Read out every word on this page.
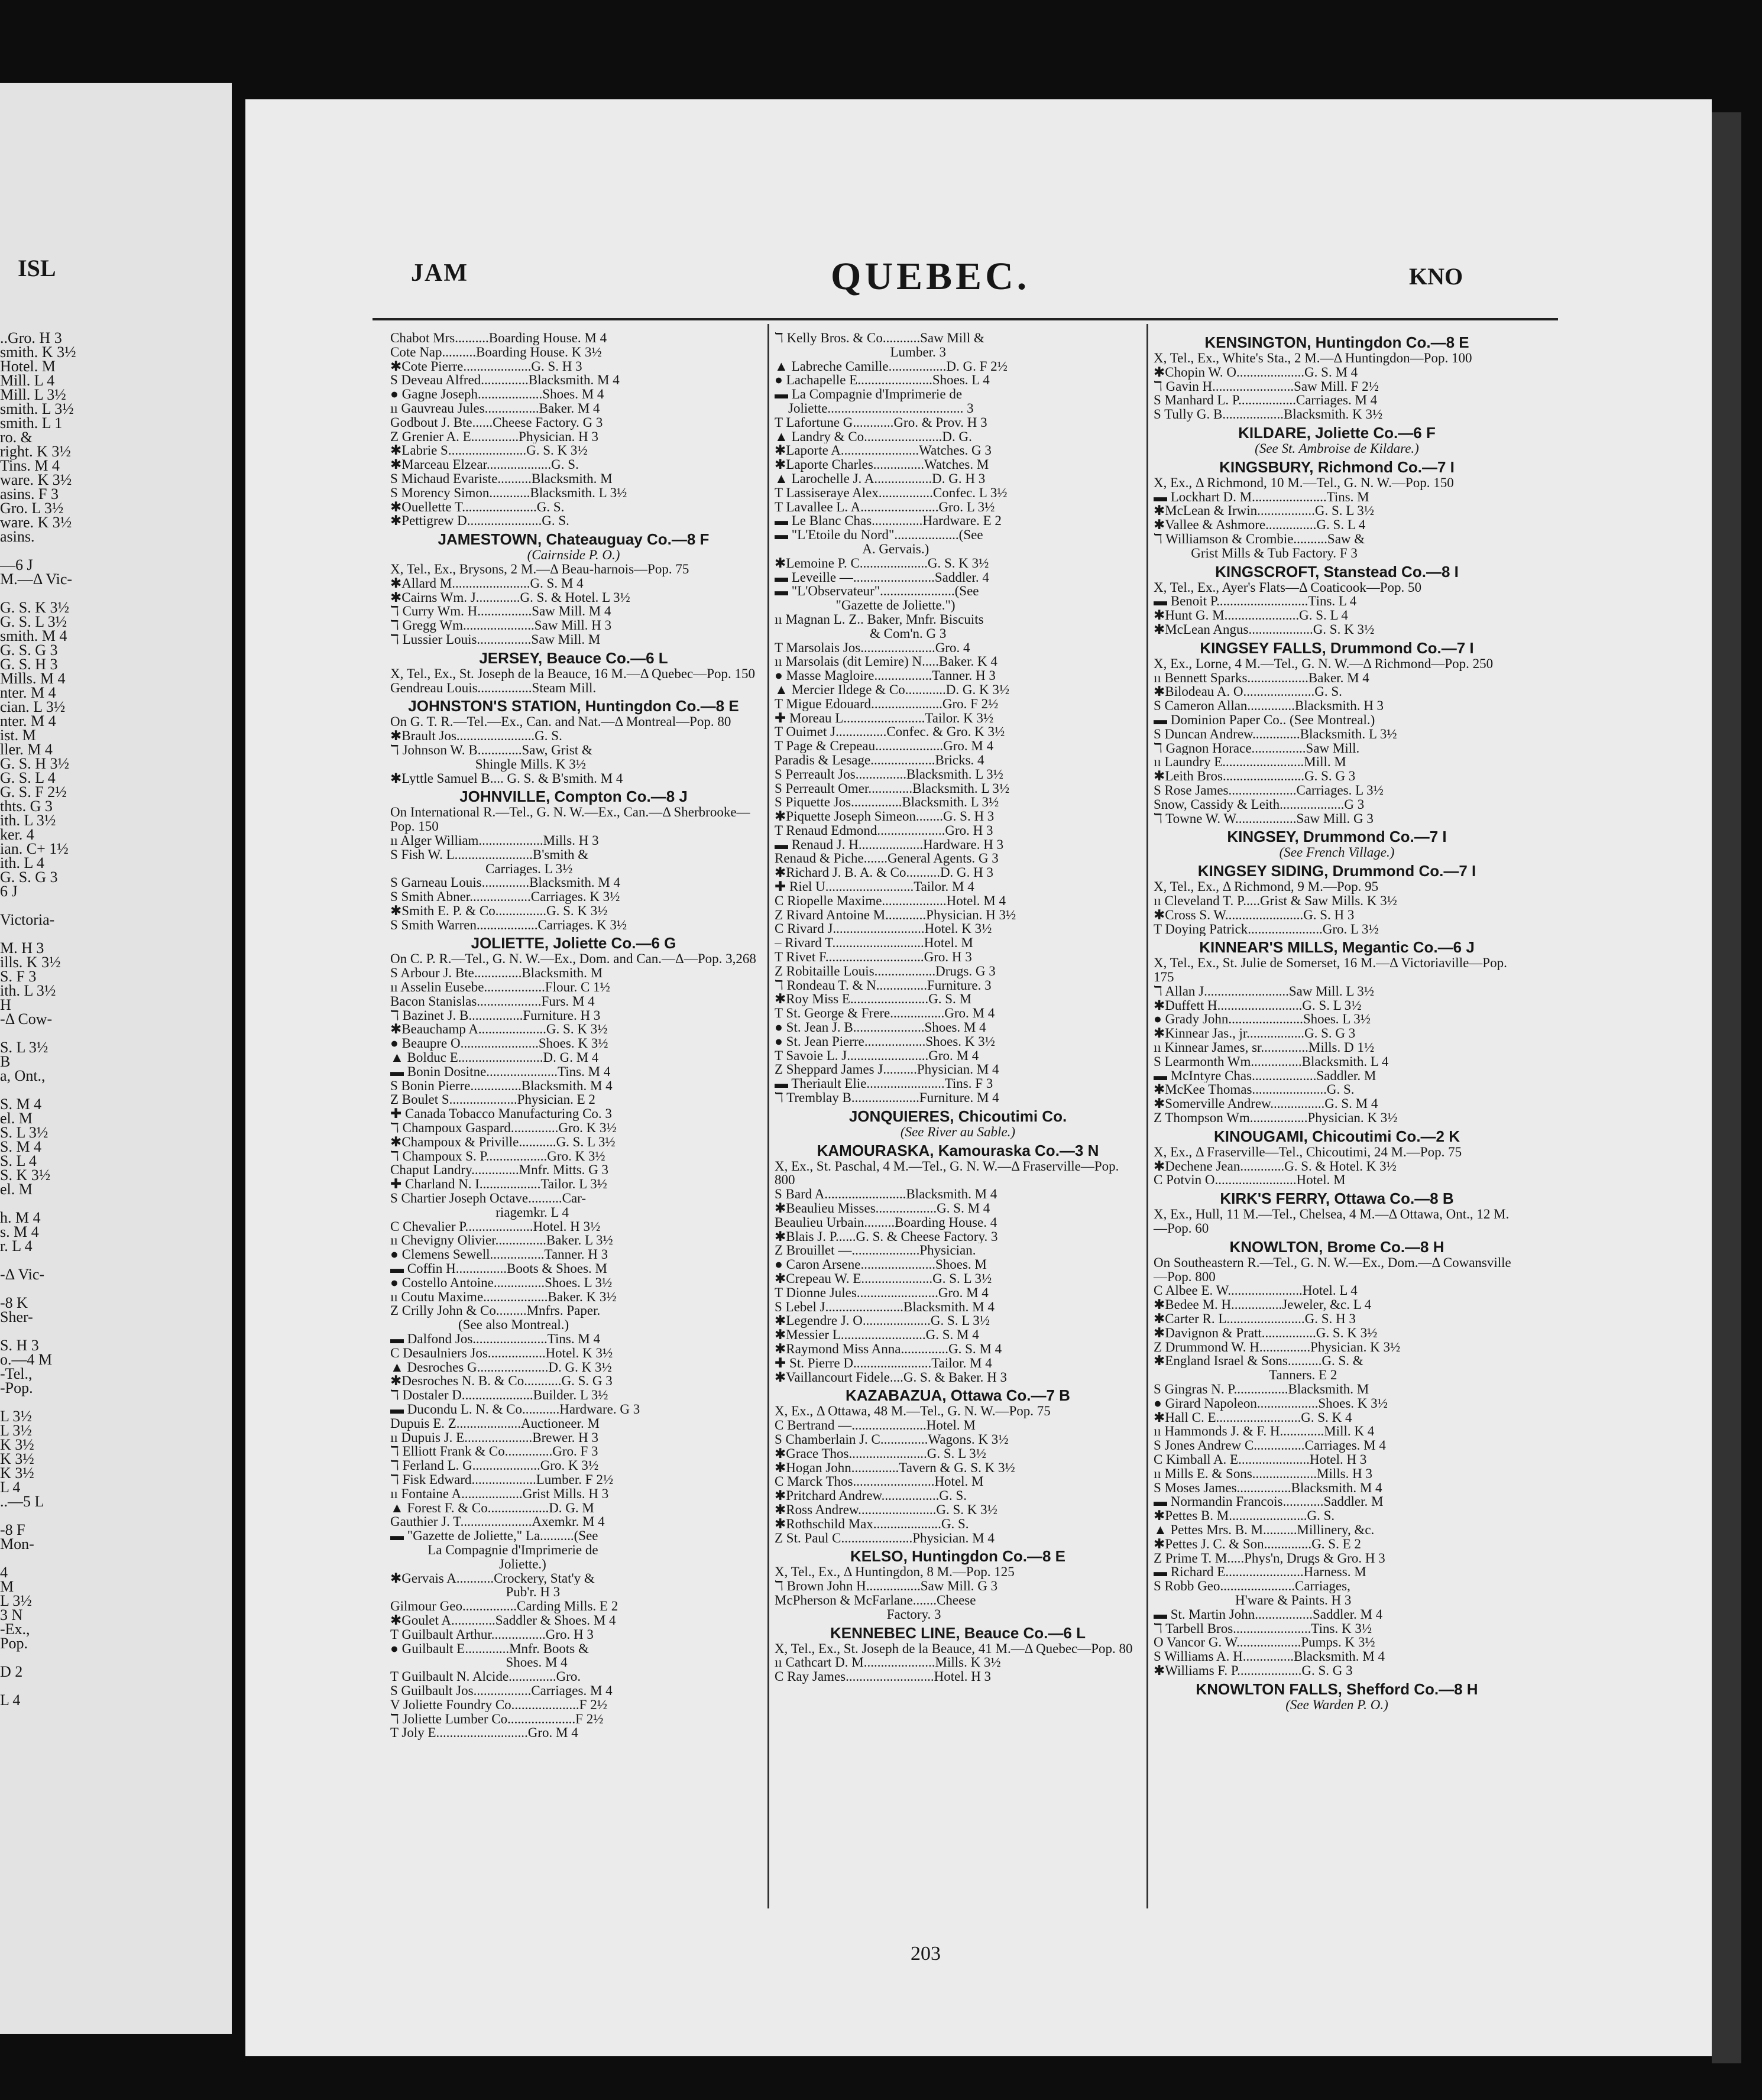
ISL
..Gro. H 3
smith. K 3½
Hotel. M
Mill. L 4
Mill. L 3½
smith. L 3½
smith. L 1
ro. &
right. K 3½
Tins. M 4
ware. K 3½
asins. F 3
Gro. L 3½
ware. K 3½
asins.
—6 J
M.—Δ Vic-
G. S. K 3½
G. S. L 3½
smith. M 4
G. S. G 3
G. S. H 3
Mills. M 4
nter. M 4
cian. L 3½
nter. M 4
ist. M
ller. M 4
G. S. H 3½
G. S. L 4
G. S. F 2½
thts. G 3
ith. L 3½
ker. 4
ian. C+ 1½
ith. L 4
G. S. G 3
6 J
Victoria-
M. H 3
ills. K 3½
S. F 3
ith. L 3½
H
-Δ Cow-
S. L 3½
B
a, Ont.,
S. M 4
el. M
S. L 3½
S. M 4
S. L 4
S. K 3½
el. M
h. M 4
s. M 4
r. L 4
-Δ Vic-
-8 K
Sher-
S. H 3
o.—4 M
-Tel.,
-Pop.
L 3½
L 3½
K 3½
K 3½
K 3½
L 4
..—5 L
-8 F
Mon-
4
M
L 3½
3 N
-Ex.,
Pop.
D 2
L 4
JAM	QUEBEC.	KNO
Chabot Mrs..........Boarding House. M 4
Cote Nap..........Boarding House. K 3½
✱Cote Pierre....................G. S. H 3
S Deveau Alfred..............Blacksmith. M 4
● Gagne Joseph...................Shoes. M 4
ıı Gauvreau Jules................Baker. M 4
Godbout J. Bte......Cheese Factory. G 3
Z Grenier A. E..............Physician. H 3
✱Labrie S.......................G. S. K 3½
✱Marceau Elzear...................G. S.
S Michaud Evariste..........Blacksmith. M
S Morency Simon............Blacksmith. L 3½
✱Ouellette T......................G. S.
✱Pettigrew D......................G. S.
JAMESTOWN, Chateauguay Co.—8 F
(Cairnside P. O.)
X, Tel., Ex., Brysons, 2 M.—Δ Beau-harnois—Pop. 75
✱Allard M.......................G. S. M 4
✱Cairns Wm. J.............G. S. & Hotel. L 3½
ℸ Curry Wm. H................Saw Mill. M 4
ℸ Gregg Wm.....................Saw Mill. H 3
ℸ Lussier Louis................Saw Mill. M
JERSEY, Beauce Co.—6 L
X, Tel., Ex., St. Joseph de la Beauce, 16 M.—Δ Quebec—Pop. 150
Gendreau Louis................Steam Mill.
JOHNSTON'S STATION, Huntingdon Co.—8 E
On G. T. R.—Tel.—Ex., Can. and Nat.—Δ Montreal—Pop. 80
✱Brault Jos.......................G. S.
ℸ Johnson W. B.............Saw, Grist &
Shingle Mills. K 3½
✱Lyttle Samuel B.... G. S. & B'smith. M 4
JOHNVILLE, Compton Co.—8 J
On International R.—Tel., G. N. W.—Ex., Can.—Δ Sherbrooke—Pop. 150
ıı Alger William...................Mills. H 3
S Fish W. L.......................B'smith &
Carriages. L 3½
S Garneau Louis..............Blacksmith. M 4
S Smith Abner..................Carriages. K 3½
✱Smith E. P. & Co...............G. S. K 3½
S Smith Warren..................Carriages. K 3½
JOLIETTE, Joliette Co.—6 G
On C. P. R.—Tel., G. N. W.—Ex., Dom. and Can.—Δ—Pop. 3,268
S Arbour J. Bte..............Blacksmith. M
ıı Asselin Eusebe..................Flour. C 1½
Bacon Stanislas...................Furs. M 4
ℸ Bazinet J. B................Furniture. H 3
✱Beauchamp A....................G. S. K 3½
● Beaupre O.......................Shoes. K 3½
▲ Bolduc E.........................D. G. M 4
▬ Bonin Dositne.....................Tins. M 4
S Bonin Pierre...............Blacksmith. M 4
Z Boulet S....................Physician. E 2
✚ Canada Tobacco Manufacturing Co. 3
ℸ Champoux Gaspard..............Gro. K 3½
✱Champoux & Priville...........G. S. L 3½
ℸ Champoux S. P..................Gro. K 3½
Chaput Landry..............Mnfr. Mitts. G 3
✚ Charland N. I..................Tailor. L 3½
S Chartier Joseph Octave..........Car-
riagemkr. L 4
C Chevalier P....................Hotel. H 3½
ıı Chevigny Olivier...............Baker. L 3½
● Clemens Sewell................Tanner. H 3
▬ Coffin H...............Boots & Shoes. M
● Costello Antoine...............Shoes. L 3½
ıı Coutu Maxime...................Baker. K 3½
Z Crilly John & Co.........Mnfrs. Paper.
(See also Montreal.)
▬ Dalfond Jos......................Tins. M 4
C Desaulniers Jos.................Hotel. K 3½
▲ Desroches G.....................D. G. K 3½
✱Desroches N. B. & Co...........G. S. G 3
ℸ Dostaler D.....................Builder. L 3½
▬ Ducondu L. N. & Co...........Hardware. G 3
Dupuis E. Z...................Auctioneer. M
ıı Dupuis J. E....................Brewer. H 3
ℸ Elliott Frank & Co..............Gro. F 3
ℸ Ferland L. G....................Gro. K 3½
ℸ Fisk Edward...................Lumber. F 2½
ıı Fontaine A..................Grist Mills. H 3
▲ Forest F. & Co..................D. G. M
Gauthier J. T.....................Axemkr. M 4
▬ "Gazette de Joliette," La..........(See
La Compagnie d'Imprimerie de
Joliette.)
✱Gervais A...........Crockery, Stat'y &
Pub'r. H 3
Gilmour Geo................Carding Mills. E 2
✱Goulet A.............Saddler & Shoes. M 4
T Guilbault Arthur................Gro. H 3
● Guilbault E.............Mnfr. Boots &
Shoes. M 4
T Guilbault N. Alcide..............Gro.
S Guilbault Jos.................Carriages. M 4
V Joliette Foundry Co....................F 2½
ℸ Joliette Lumber Co....................F 2½
T Joly E...........................Gro. M 4
ℸ Kelly Bros. & Co...........Saw Mill &
Lumber. 3
▲ Labreche Camille.................D. G. F 2½
● Lachapelle E......................Shoes. L 4
▬ La Compagnie d'Imprimerie de
Joliette........................................ 3
T Lafortune G............Gro. & Prov. H 3
▲ Landry & Co.......................D. G.
✱Laporte A.......................Watches. G 3
✱Laporte Charles...............Watches. M
▲ Larochelle J. A.................D. G. H 3
T Lassiseraye Alex................Confec. L 3½
T Lavallee L. A.......................Gro. L 3½
▬ Le Blanc Chas...............Hardware. E 2
▬ "L'Etoile du Nord"...................(See
A. Gervais.)
✱Lemoine P. C....................G. S. K 3½
▬ Leveille —........................Saddler. 4
▬ "L'Observateur"......................(See
"Gazette de Joliette.")
ıı Magnan L. Z.. Baker, Mnfr. Biscuits
& Com'n. G 3
T Marsolais Jos......................Gro. 4
ıı Marsolais (dit Lemire) N.....Baker. K 4
● Masse Magloire.................Tanner. H 3
▲ Mercier Ildege & Co............D. G. K 3½
T Migue Edouard.....................Gro. F 2½
✚ Moreau L........................Tailor. K 3½
T Ouimet J...............Confec. & Gro. K 3½
T Page & Crepeau....................Gro. M 4
Paradis & Lesage...................Bricks. 4
S Perreault Jos...............Blacksmith. L 3½
S Perreault Omer.............Blacksmith. L 3½
S Piquette Jos...............Blacksmith. L 3½
✱Piquette Joseph Simeon........G. S. H 3
T Renaud Edmond....................Gro. H 3
▬ Renaud J. H...................Hardware. H 3
Renaud & Piche.......General Agents. G 3
✱Richard J. B. A. & Co..........D. G. H 3
✚ Riel U..........................Tailor. M 4
C Riopelle Maxime...................Hotel. M 4
Z Rivard Antoine M............Physician. H 3½
C Rivard J...........................Hotel. K 3½
– Rivard T...........................Hotel. M
T Rivet F.............................Gro. H 3
Z Robitaille Louis..................Drugs. G 3
ℸ Rondeau T. & N...............Furniture. 3
✱Roy Miss E.......................G. S. M
T St. George & Frere................Gro. M 4
● St. Jean J. B.....................Shoes. M 4
● St. Jean Pierre..................Shoes. K 3½
T Savoie L. J........................Gro. M 4
Z Sheppard James J..........Physician. M 4
▬ Theriault Elie.......................Tins. F 3
ℸ Tremblay B....................Furniture. M 4
JONQUIERES, Chicoutimi Co.
(See River au Sable.)
KAMOURASKA, Kamouraska Co.—3 N
X, Ex., St. Paschal, 4 M.—Tel., G. N. W.—Δ Fraserville—Pop. 800
S Bard A........................Blacksmith. M 4
✱Beaulieu Misses..................G. S. M 4
Beaulieu Urbain.........Boarding House. 4
✱Blais J. P......G. S. & Cheese Factory. 3
Z Brouillet —....................Physician.
● Caron Arsene......................Shoes. M
✱Crepeau W. E.....................G. S. L 3½
T Dionne Jules........................Gro. M 4
S Lebel J.......................Blacksmith. M 4
✱Legendre J. O....................G. S. L 3½
✱Messier L.........................G. S. M 4
✱Raymond Miss Anna..............G. S. M 4
✚ St. Pierre D.......................Tailor. M 4
✱Vaillancourt Fidele....G. S. & Baker. H 3
KAZABAZUA, Ottawa Co.—7 B
X, Ex., Δ Ottawa, 48 M.—Tel., G. N. W.—Pop. 75
C Bertrand —......................Hotel. M
S Chamberlain J. C..............Wagons. K 3½
✱Grace Thos.......................G. S. L 3½
✱Hogan John..............Tavern & G. S. K 3½
C Marck Thos........................Hotel. M
✱Pritchard Andrew.................G. S.
✱Ross Andrew.......................G. S. K 3½
✱Rothschild Max....................G. S.
Z St. Paul C.....................Physician. M 4
KELSO, Huntingdon Co.—8 E
X, Tel., Ex., Δ Huntingdon, 8 M.—Pop. 125
ℸ Brown John H................Saw Mill. G 3
McPherson & McFarlane.......Cheese
Factory. 3
KENNEBEC LINE, Beauce Co.—6 L
X, Tel., Ex., St. Joseph de la Beauce, 41 M.—Δ Quebec—Pop. 80
ıı Cathcart D. M.....................Mills. K 3½
C Ray James..........................Hotel. H 3
KENSINGTON, Huntingdon Co.—8 E
X, Tel., Ex., White's Sta., 2 M.—Δ Huntingdon—Pop. 100
✱Chopin W. O....................G. S. M 4
ℸ Gavin H........................Saw Mill. F 2½
S Manhard L. P.................Carriages. M 4
S Tully G. B..................Blacksmith. K 3½
KILDARE, Joliette Co.—6 F
(See St. Ambroise de Kildare.)
KINGSBURY, Richmond Co.—7 I
X, Ex., Δ Richmond, 10 M.—Tel., G. N. W.—Pop. 150
▬ Lockhart D. M......................Tins. M
✱McLean & Irwin.................G. S. L 3½
✱Vallee & Ashmore...............G. S. L 4
ℸ Williamson & Crombie..........Saw &
Grist Mills & Tub Factory. F 3
KINGSCROFT, Stanstead Co.—8 I
X, Tel., Ex., Ayer's Flats—Δ Coaticook—Pop. 50
▬ Benoit P...........................Tins. L 4
✱Hunt G. M......................G. S. L 4
✱McLean Angus...................G. S. K 3½
KINGSEY FALLS, Drummond Co.—7 I
X, Ex., Lorne, 4 M.—Tel., G. N. W.—Δ Richmond—Pop. 250
ıı Bennett Sparks..................Baker. M 4
✱Bilodeau A. O.....................G. S.
S Cameron Allan..............Blacksmith. H 3
▬ Dominion Paper Co.. (See Montreal.)
S Duncan Andrew..............Blacksmith. L 3½
ℸ Gagnon Horace................Saw Mill.
ıı Laundry E........................Mill. M
✱Leith Bros........................G. S. G 3
S Rose James....................Carriages. L 3½
Snow, Cassidy & Leith...................G 3
ℸ Towne W. W..................Saw Mill. G 3
KINGSEY, Drummond Co.—7 I
(See French Village.)
KINGSEY SIDING, Drummond Co.—7 I
X, Tel., Ex., Δ Richmond, 9 M.—Pop. 95
ıı Cleveland T. P.....Grist & Saw Mills. K 3½
✱Cross S. W.......................G. S. H 3
T Doying Patrick......................Gro. L 3½
KINNEAR'S MILLS, Megantic Co.—6 J
X, Tel., Ex., St. Julie de Somerset, 16 M.—Δ Victoriaville—Pop. 175
ℸ Allan J.........................Saw Mill. L 3½
✱Duffett H.........................G. S. L 3½
● Grady John......................Shoes. L 3½
✱Kinnear Jas., jr.................G. S. G 3
ıı Kinnear James, sr..............Mills. D 1½
S Learmonth Wm...............Blacksmith. L 4
▬ McIntyre Chas...................Saddler. M
✱McKee Thomas......................G. S.
✱Somerville Andrew................G. S. M 4
Z Thompson Wm.................Physician. K 3½
KINOUGAMI, Chicoutimi Co.—2 K
X, Ex., Δ Fraserville—Tel., Chicoutimi, 24 M.—Pop. 75
✱Dechene Jean.............G. S. & Hotel. K 3½
C Potvin O........................Hotel. M
KIRK'S FERRY, Ottawa Co.—8 B
X, Ex., Hull, 11 M.—Tel., Chelsea, 4 M.—Δ Ottawa, Ont., 12 M.—Pop. 60
KNOWLTON, Brome Co.—8 H
On Southeastern R.—Tel., G. N. W.—Ex., Dom.—Δ Cowansville—Pop. 800
C Albee E. W......................Hotel. L 4
✱Bedee M. H...............Jeweler, &c. L 4
✱Carter R. L.......................G. S. H 3
✱Davignon & Pratt................G. S. K 3½
Z Drummond W. H...............Physician. K 3½
✱England Israel & Sons..........G. S. &
Tanners. E 2
S Gingras N. P................Blacksmith. M
● Girard Napoleon..................Shoes. K 3½
✱Hall C. E.........................G. S. K 4
ıı Hammonds J. & F. H.............Mill. K 4
S Jones Andrew C...............Carriages. M 4
C Kimball A. E.....................Hotel. H 3
ıı Mills E. & Sons...................Mills. H 3
S Moses James................Blacksmith. M 4
▬ Normandin Francois............Saddler. M
✱Pettes B. M.......................G. S.
▲ Pettes Mrs. B. M..........Millinery, &c.
✱Pettes J. C. & Son..............G. S. E 2
Z Prime T. M.....Phys'n, Drugs & Gro. H 3
▬ Richard E.......................Harness. M
S Robb Geo......................Carriages,
H'ware & Paints. H 3
▬ St. Martin John.................Saddler. M 4
ℸ Tarbell Bros.......................Tins. K 3½
O Vancor G. W...................Pumps. K 3½
S Williams A. H...............Blacksmith. M 4
✱Williams F. P...................G. S. G 3
KNOWLTON FALLS, Shefford Co.—8 H
(See Warden P. O.)
203
